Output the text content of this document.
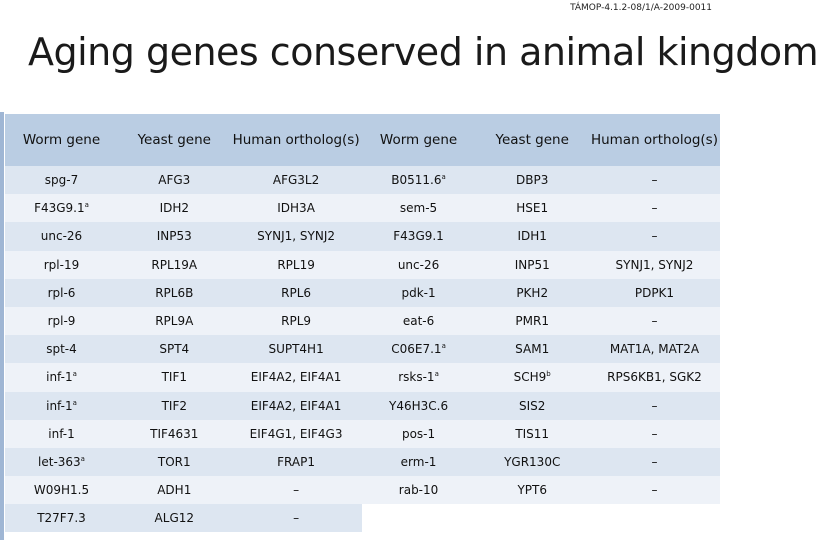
TÁMOP-4.1.2-08/1/A-2009-0011
Aging genes conserved in animal kingdom
Worm gene	Yeast gene	Human ortholog(s)	Worm gene	Yeast gene	Human ortholog(s)
spg-7	AFG3	AFG3L2	B0511.6$^a$	DBP3	–
F43G9.1$^a$	IDH2	IDH3A	sem-5	HSE1	–
unc-26	INP53	SYNJ1, SYNJ2	F43G9.1	IDH1	–
rpl-19	RPL19A	RPL19	unc-26	INP51	SYNJ1, SYNJ2
rpl-6	RPL6B	RPL6	pdk-1	PKH2	PDPK1
rpl-9	RPL9A	RPL9	eat-6	PMR1	–
spt-4	SPT4	SUPT4H1	C06E7.1$^a$	SAM1	MAT1A, MAT2A
inf-1$^a$	TIF1	EIF4A2, EIF4A1	rsks-1$^a$	SCH9$^b$	RPS6KB1, SGK2
inf-1$^a$	TIF2	EIF4A2, EIF4A1	Y46H3C.6	SIS2	–
inf-1	TIF4631	EIF4G1, EIF4G3	pos-1	TIS11	–
let-363$^a$	TOR1	FRAP1	erm-1	YGR130C	–
W09H1.5	ADH1	–	rab-10	YPT6	–
T27F7.3	ALG12	–			
